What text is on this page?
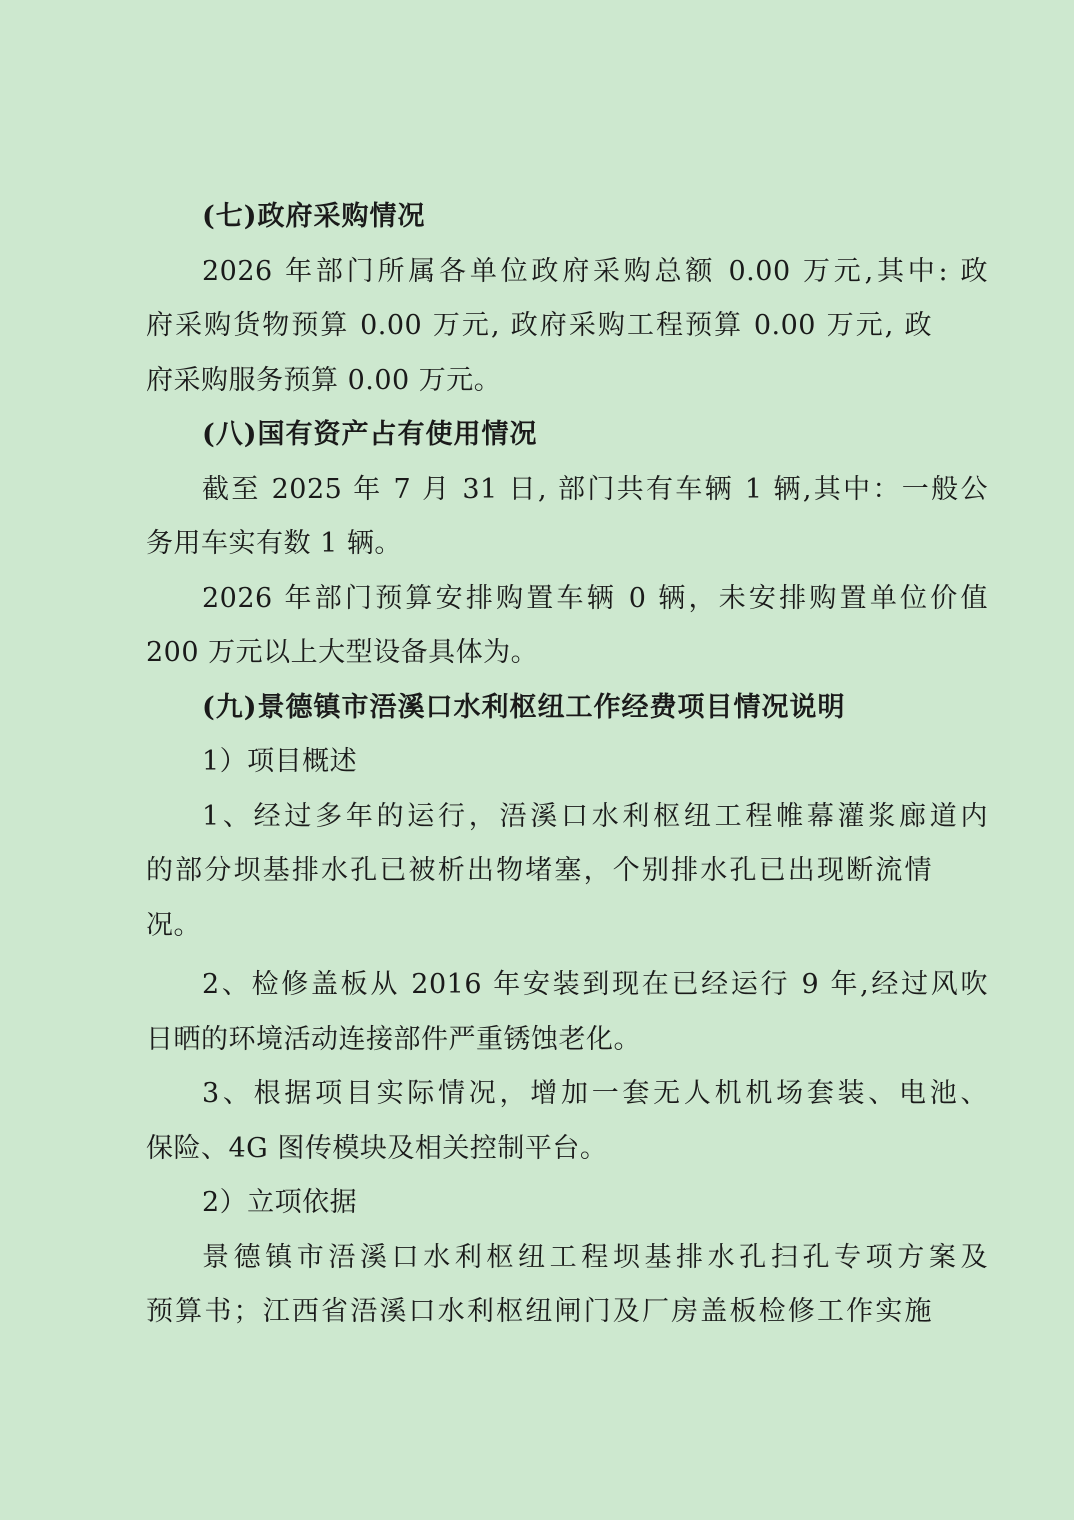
(七)政府采购情况
2026 年部门所属各单位政府采购总额 0.00 万元,其中: 政
府采购货物预算 0.00 万元, 政府采购工程预算 0.00 万元, 政
府采购服务预算 0.00 万元。
(八)国有资产占有使用情况
截至 2025 年 7 月 31 日, 部门共有车辆 1 辆,其中：一般公
务用车实有数 1 辆。
2026 年部门预算安排购置车辆 0 辆，未安排购置单位价值
200 万元以上大型设备具体为。
(九)景德镇市浯溪口水利枢纽工作经费项目情况说明
1）项目概述
1、经过多年的运行，浯溪口水利枢纽工程帷幕灌浆廊道内
的部分坝基排水孔已被析出物堵塞，个别排水孔已出现断流情
况。
2、检修盖板从 2016 年安装到现在已经运行 9 年,经过风吹
日晒的环境活动连接部件严重锈蚀老化。
3、根据项目实际情况，增加一套无人机机场套装、电池、
保险、4G 图传模块及相关控制平台。
2）立项依据
景德镇市浯溪口水利枢纽工程坝基排水孔扫孔专项方案及
预算书；江西省浯溪口水利枢纽闸门及厂房盖板检修工作实施
